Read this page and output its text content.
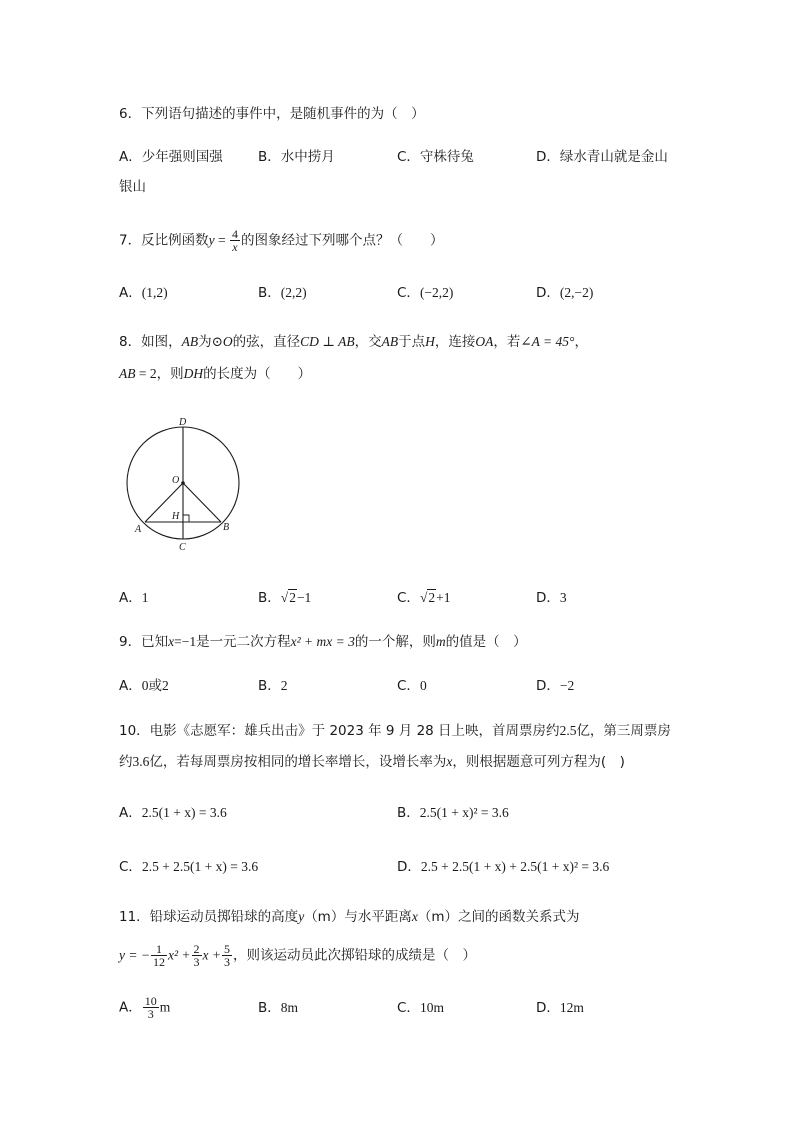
6．下列语句描述的事件中，是随机事件的为（　）
A．少年强则国强	B．水中捞月	C．守株待兔	D．绿水青山就是金山
银山
7．反比例函数$y = \frac{4}{x}$ 的图象经过下列哪个点？（　　）
A．(1,2)	B．(2,2)	C．(−2,2)	D．(2,−2)
8．如图，AB为⊙O的弦，直径CD ⊥ AB，交AB于点H，连接OA，若∠A = 45°，
AB = 2，则DH的长度为（　　）
D
O
H
A	B
C
A．1	B．√2−1	C．√2+1	D．3
9．已知x=−1是一元二次方程x² + mx = 3的一个解，则m的值是（　）
A．0或2	B．2	C．0	D．−2
10．电影《志愿军：雄兵出击》于 2023 年 9 月 28 日上映，首周票房约2.5亿，第三周票房
约3.6亿，若每周票房按相同的增长率增长，设增长率为x，则根据题意可列方程为(　)
A．2.5(1 + x) = 3.6	B．2.5(1 + x)² = 3.6
C．2.5 + 2.5(1 + x) = 3.6	D．2.5 + 2.5(1 + x) + 2.5(1 + x)² = 3.6
11．铅球运动员掷铅球的高度y（m）与水平距离x（m）之间的函数关系式为
y = − $\frac{1}{12} x^2 + \frac{2}{3}$ $x + \frac{5}{3}$ ，则该运动员此次掷铅球的成绩是（　）
A． $\frac{10}{3}$ m	B．8m	C．10m	D．12m
